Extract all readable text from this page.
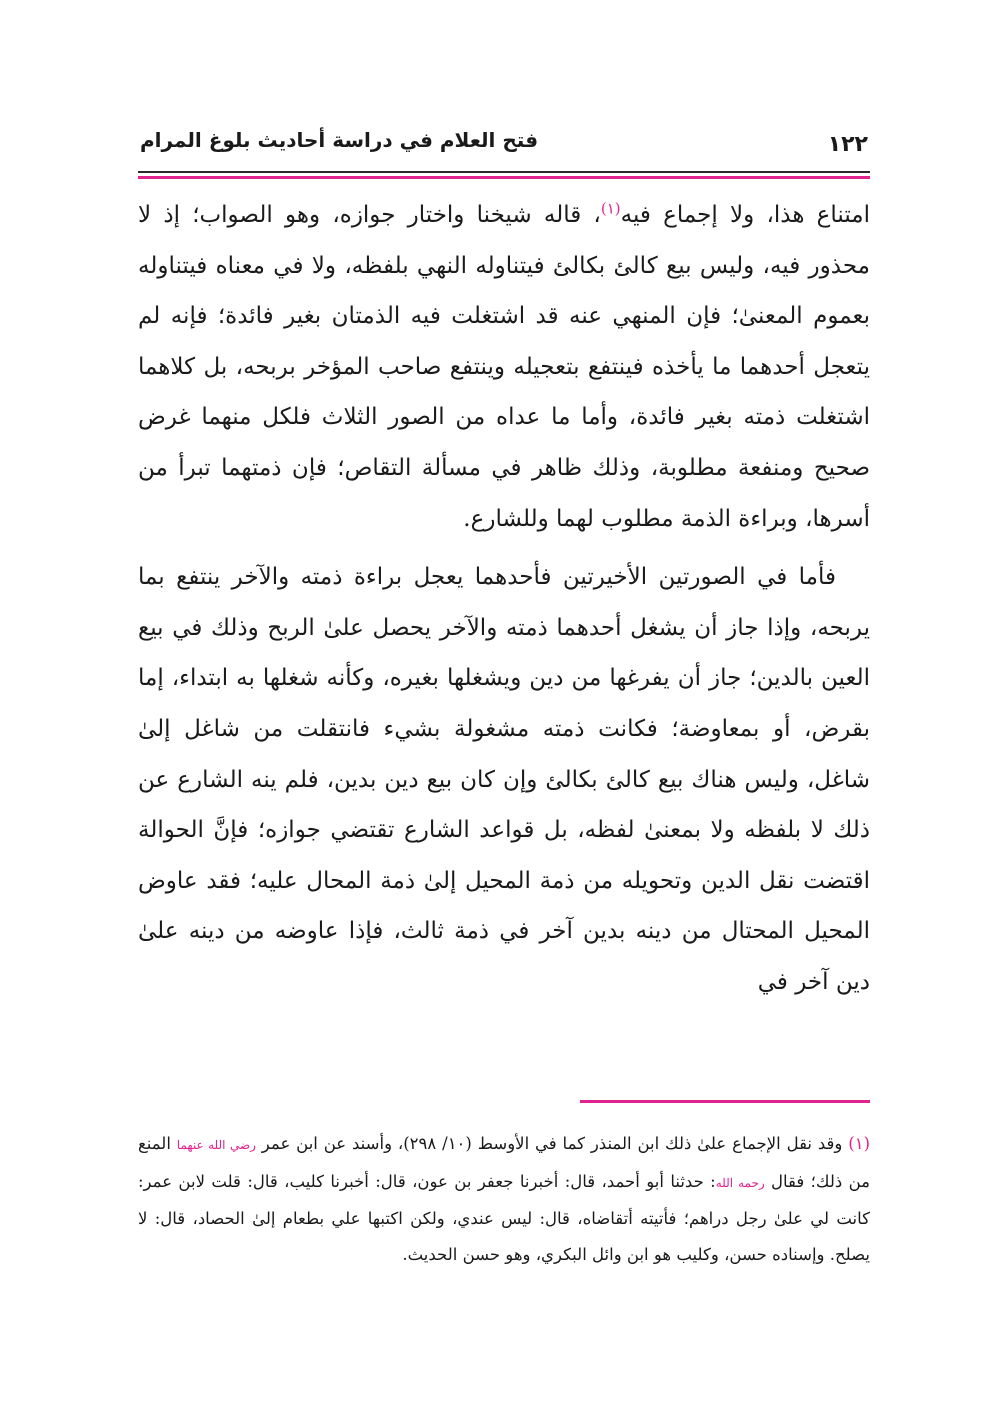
١٢٢
فتح العلام في دراسة أحاديث بلوغ المرام

امتناع هذا، ولا إجماع فيه$^{(١)}$، قاله شيخنا واختار جوازه، وهو الصواب؛ إذ لا محذور فيه، وليس بيع كالئ بكالئ فيتناوله النهي بلفظه، ولا في معناه فيتناوله بعموم المعنىٰ؛ فإن المنهي عنه قد اشتغلت فيه الذمتان بغير فائدة؛ فإنه لم يتعجل أحدهما ما يأخذه فينتفع بتعجيله وينتفع صاحب المؤخر بربحه، بل كلاهما اشتغلت ذمته بغير فائدة، وأما ما عداه من الصور الثلاث فلكل منهما غرض صحيح ومنفعة مطلوبة، وذلك ظاهر في مسألة التقاص؛ فإن ذمتهما تبرأ من أسرها، وبراءة الذمة مطلوب لهما وللشارع.

فأما في الصورتين الأخيرتين فأحدهما يعجل براءة ذمته والآخر ينتفع بما يربحه، وإذا جاز أن يشغل أحدهما ذمته والآخر يحصل علىٰ الربح وذلك في بيع العين بالدين؛ جاز أن يفرغها من دين ويشغلها بغيره، وكأنه شغلها به ابتداء، إما بقرض، أو بمعاوضة؛ فكانت ذمته مشغولة بشيء فانتقلت من شاغل إلىٰ شاغل، وليس هناك بيع كالئ بكالئ وإن كان بيع دين بدين، فلم ينه الشارع عن ذلك لا بلفظه ولا بمعنىٰ لفظه، بل قواعد الشارع تقتضي جوازه؛ فإنَّ الحوالة اقتضت نقل الدين وتحويله من ذمة المحيل إلىٰ ذمة المحال عليه؛ فقد عاوض المحيل المحتال من دينه بدين آخر في ذمة ثالث، فإذا عاوضه من دينه علىٰ دين آخر في

(١) وقد نقل الإجماع علىٰ ذلك ابن المنذر كما في الأوسط (١٠/ ٢٩٨)، وأسند عن ابن عمر رضي الله عنهما المنع من ذلك؛ فقال رحمه الله: حدثنا أبو أحمد، قال: أخبرنا جعفر بن عون، قال: أخبرنا كليب، قال: قلت لابن عمر: كانت لي علىٰ رجل دراهم؛ فأتيته أتقاضاه، قال: ليس عندي، ولكن اكتبها علي بطعام إلىٰ الحصاد، قال: لا يصلح. وإسناده حسن، وكليب هو ابن وائل البكري، وهو حسن الحديث.
